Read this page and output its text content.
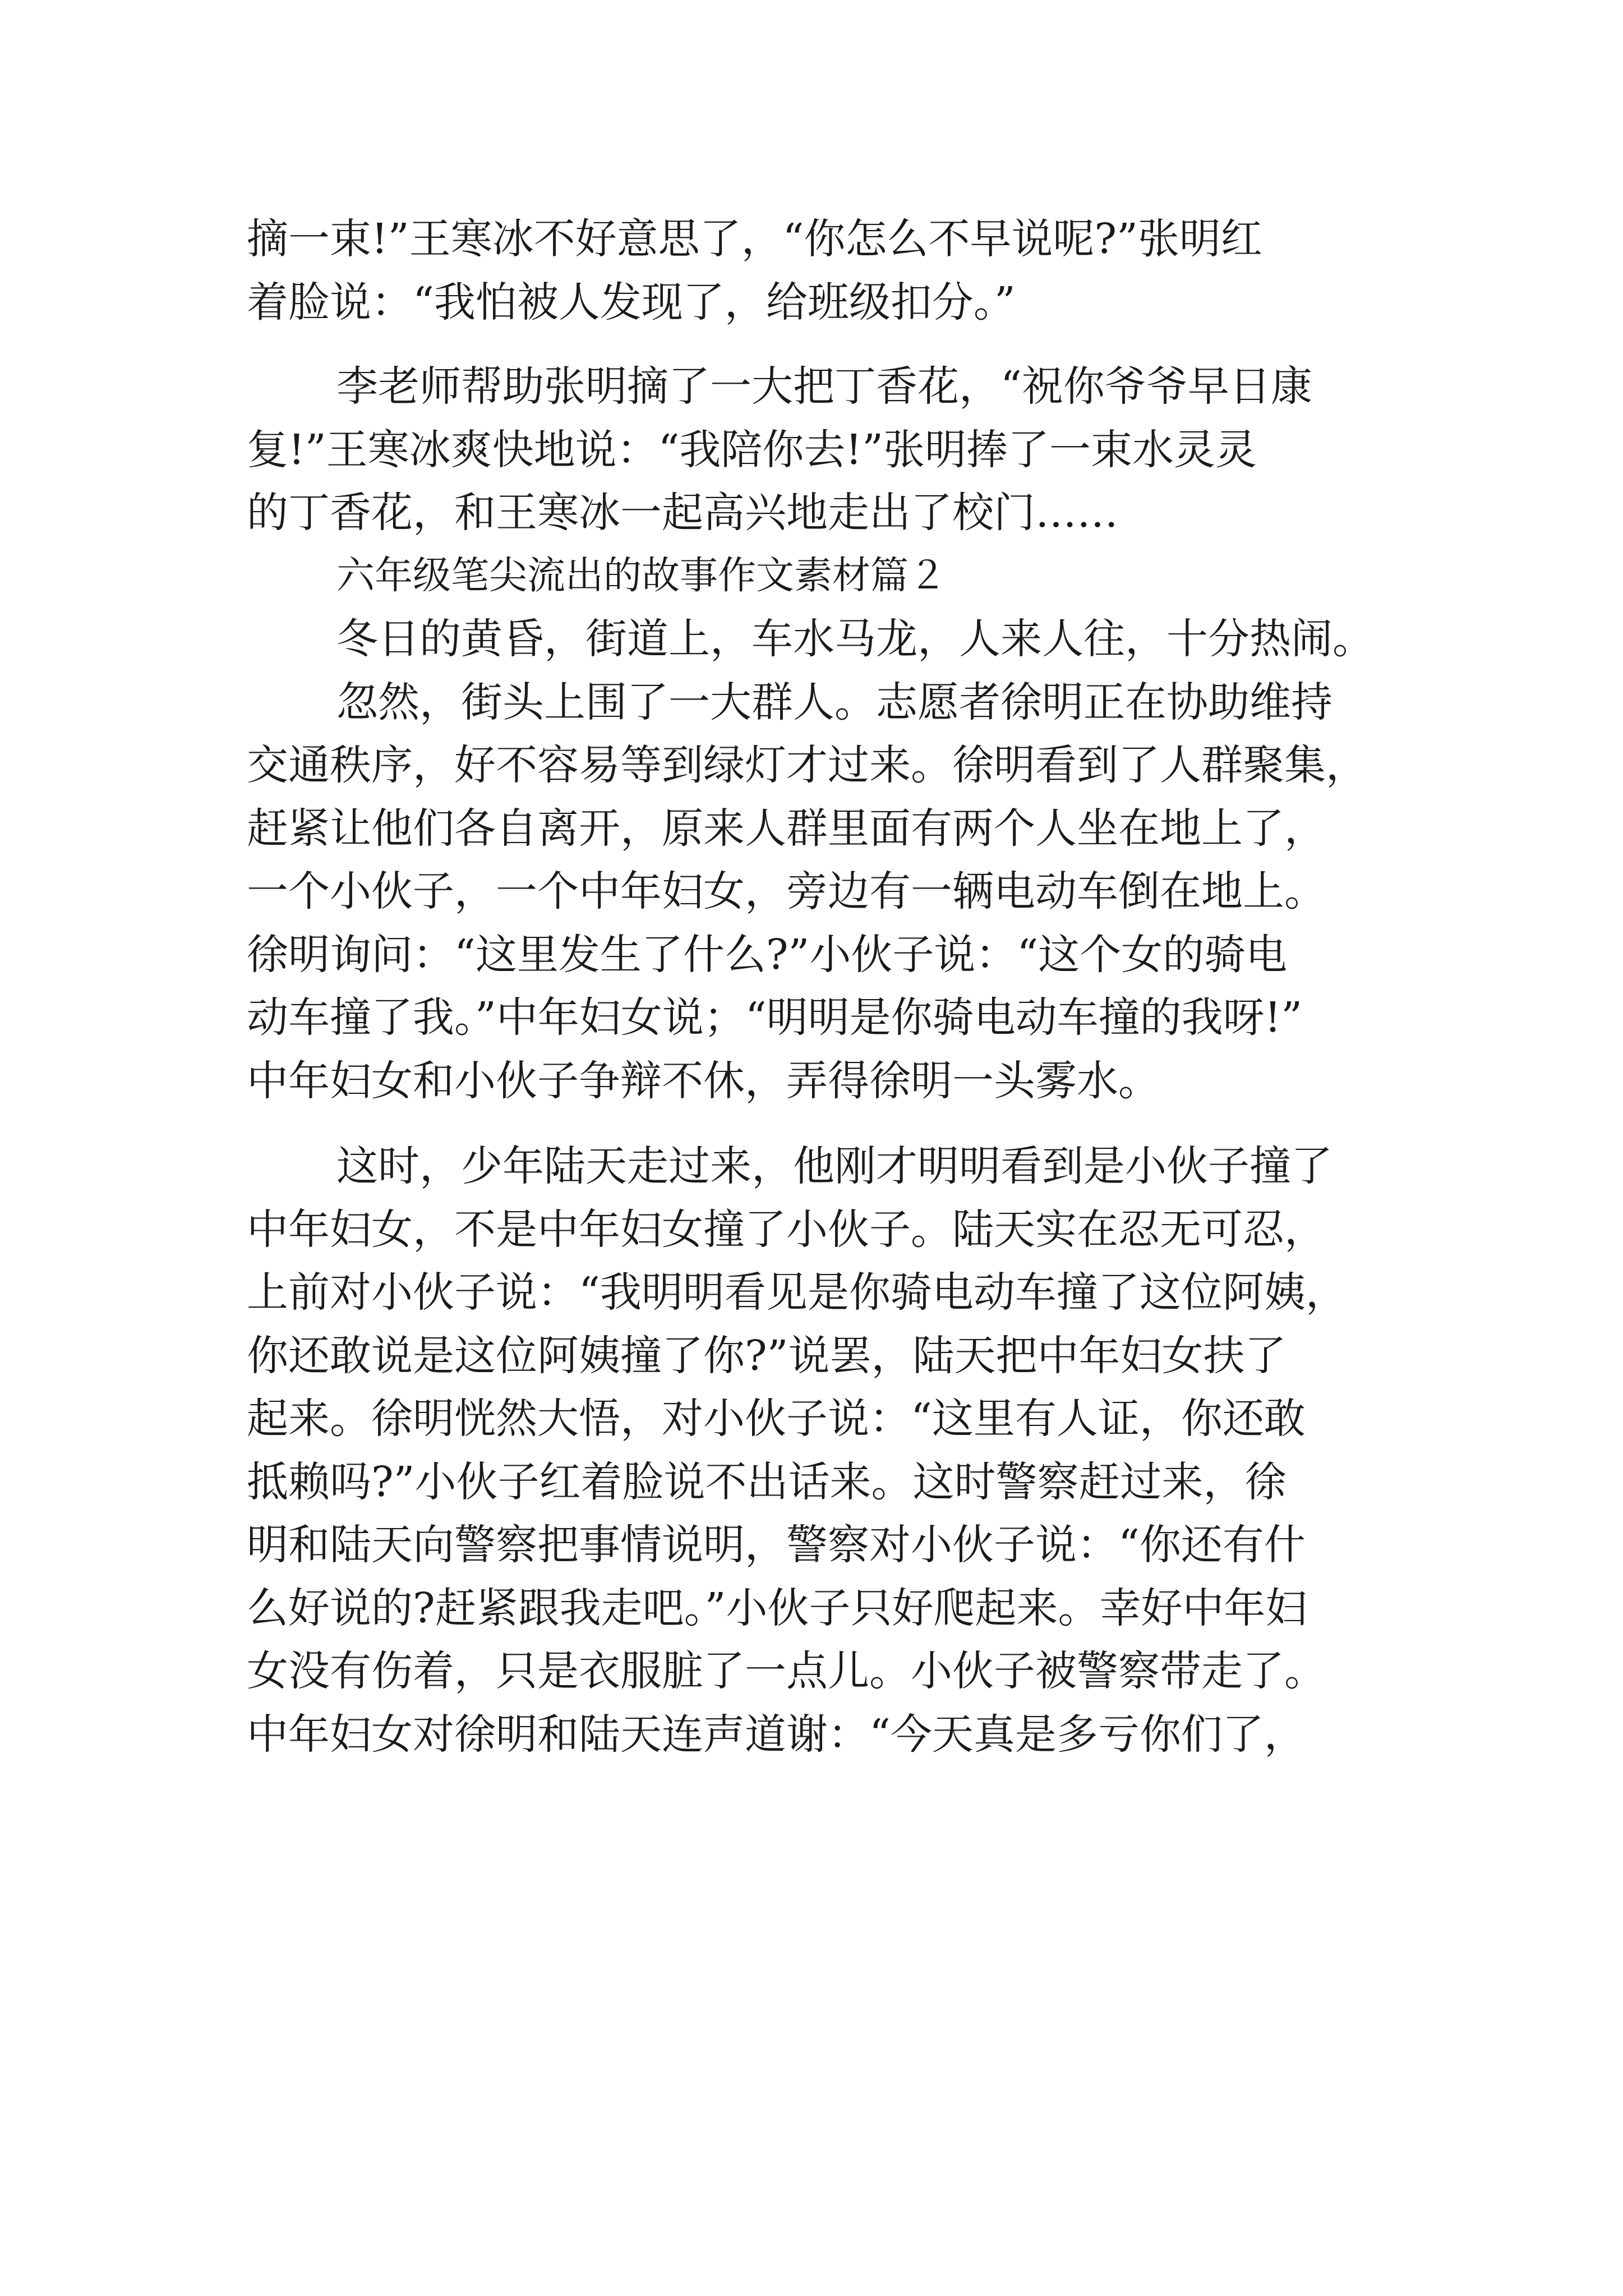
摘一束!”王寒冰不好意思了，“你怎么不早说呢?”张明红
着脸说：“我怕被人发现了，给班级扣分。”
李老师帮助张明摘了一大把丁香花，“祝你爷爷早日康
复!”王寒冰爽快地说：“我陪你去!”张明捧了一束水灵灵
的丁香花，和王寒冰一起高兴地走出了校门……
六年级笔尖流出的故事作文素材篇２
冬日的黄昏，街道上，车水马龙，人来人往，十分热闹。
忽然，街头上围了一大群人。志愿者徐明正在协助维持
交通秩序，好不容易等到绿灯才过来。徐明看到了人群聚集，
赶紧让他们各自离开，原来人群里面有两个人坐在地上了，
一个小伙子，一个中年妇女，旁边有一辆电动车倒在地上。
徐明询问：“这里发生了什么?”小伙子说：“这个女的骑电
动车撞了我。”中年妇女说；“明明是你骑电动车撞的我呀!”
中年妇女和小伙子争辩不休，弄得徐明一头雾水。
这时，少年陆天走过来，他刚才明明看到是小伙子撞了
中年妇女，不是中年妇女撞了小伙子。陆天实在忍无可忍，
上前对小伙子说：“我明明看见是你骑电动车撞了这位阿姨，
你还敢说是这位阿姨撞了你?”说罢，陆天把中年妇女扶了
起来。徐明恍然大悟，对小伙子说：“这里有人证，你还敢
抵赖吗?”小伙子红着脸说不出话来。这时警察赶过来，徐
明和陆天向警察把事情说明，警察对小伙子说：“你还有什
么好说的?赶紧跟我走吧。”小伙子只好爬起来。幸好中年妇
女没有伤着，只是衣服脏了一点儿。小伙子被警察带走了。
中年妇女对徐明和陆天连声道谢：“今天真是多亏你们了，
